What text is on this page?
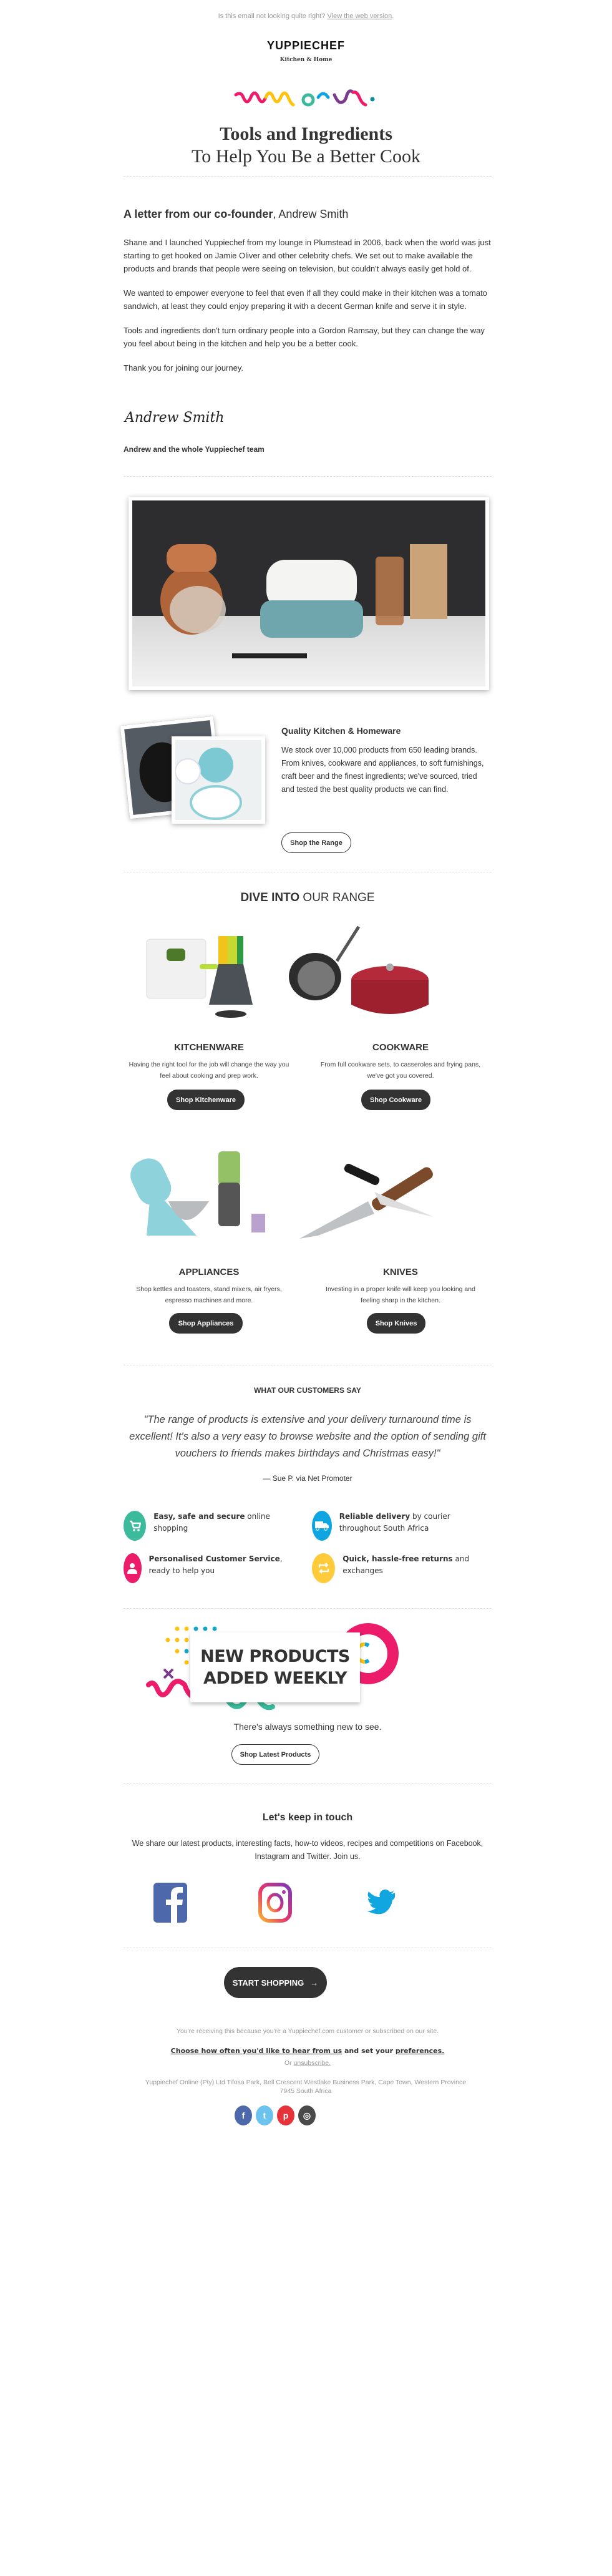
Is this email not looking quite right? View the web version.
YUPPIECHEF
Kitchen & Home
Tools and Ingredients
To Help You Be a Better Cook
A letter from our co-founder, Andrew Smith

Shane and I launched Yuppiechef from my lounge in Plumstead in 2006, back when the world was just starting to get hooked on Jamie Oliver and other celebrity chefs. We set out to make available the products and brands that people were seeing on television, but couldn't always easily get hold of.

We wanted to empower everyone to feel that even if all they could make in their kitchen was a tomato sandwich, at least they could enjoy preparing it with a decent German knife and serve it in style.

Tools and ingredients don't turn ordinary people into a Gordon Ramsay, but they can change the way you feel about being in the kitchen and help you be a better cook.

Thank you for joining our journey.

Andrew Smith
Andrew and the whole Yuppiechef team
Quality Kitchen & Homeware
We stock over 10,000 products from 650 leading brands. From knives, cookware and appliances, to soft furnishings, craft beer and the finest ingredients; we've sourced, tried and tested the best quality products we can find.
Shop the Range
DIVE INTO OUR RANGE
KITCHENWARE
Having the right tool for the job will change the way you feel about cooking and prep work.
Shop Kitchenware
COOKWARE
From full cookware sets, to casseroles and frying pans, we've got you covered.
Shop Cookware
APPLIANCES
Shop kettles and toasters, stand mixers, air fryers, espresso machines and more.
Shop Appliances
KNIVES
Investing in a proper knife will keep you looking and feeling sharp in the kitchen.
Shop Knives
WHAT OUR CUSTOMERS SAY
"The range of products is extensive and your delivery turnaround time is excellent! It's also a very easy to browse website and the option of sending gift vouchers to friends makes birthdays and Christmas easy!"
— Sue P. via Net Promoter
Easy, safe and secure online shopping
Reliable delivery by courier throughout South Africa
Personalised Customer Service, ready to help you
Quick, hassle-free returns and exchanges
NEW PRODUCTS
ADDED WEEKLY
There's always something new to see.
Shop Latest Products
Let's keep in touch
We share our latest products, interesting facts, how-to videos, recipes and competitions on Facebook, Instagram and Twitter. Join us.
START SHOPPING →
You're receiving this because you're a Yuppiechef.com customer or subscribed on our site.
Choose how often you'd like to hear from us and set your preferences.
Or unsubscribe.
Yuppiechef Online (Pty) Ltd Tifosa Park, Bell Crescent Westlake Business Park, Cape Town, Western Province 7945 South Africa
f	t	p	◎
